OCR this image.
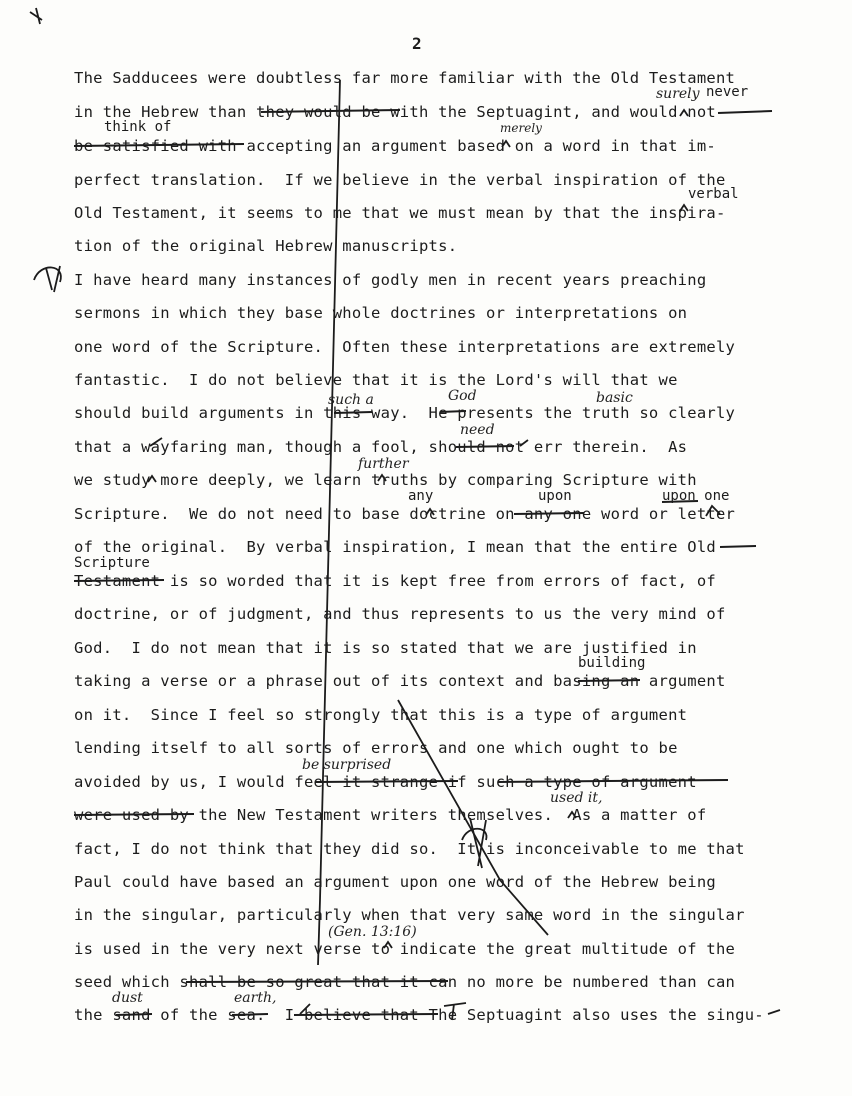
2
The Sadducees were doubtless far more familiar with the Old Testament
in the Hebrew than they would be with the Septuagint, and would not
be satisfied with accepting an argument based on a word in that im-
perfect translation.  If we believe in the verbal inspiration of the
Old Testament, it seems to me that we must mean by that the inspira-
tion of the original Hebrew manuscripts.
I have heard many instances of godly men in recent years preaching
sermons in which they base whole doctrines or interpretations on
one word of the Scripture.  Often these interpretations are extremely
fantastic.  I do not believe that it is the Lord's will that we
should build arguments in this way.  He presents the truth so clearly
that a wayfaring man, though a fool, should not err therein.  As
we study more deeply, we learn truths by comparing Scripture with
Scripture.  We do not need to base doctrine on any one word or letter
of the original.  By verbal inspiration, I mean that the entire Old
Testament is so worded that it is kept free from errors of fact, of
doctrine, or of judgment, and thus represents to us the very mind of
God.  I do not mean that it is so stated that we are justified in
taking a verse or a phrase out of its context and basing an argument
on it.  Since I feel so strongly that this is a type of argument
lending itself to all sorts of errors and one which ought to be
avoided by us, I would feel it strange if such a type of argument
were used by the New Testament writers themselves.  As a matter of
fact, I do not think that they did so.  It is inconceivable to me that
Paul could have based an argument upon one word of the Hebrew being
in the singular, particularly when that very same word in the singular
is used in the very next verse to indicate the great multitude of the
seed which shall be so great that it can no more be numbered than can
the sand of the sea.  I believe that The Septuagint also uses the singu-
never
think of
verbal
any	upon	upon one
Scripture
building
surely
merely
such a	God	basic
need
further
be surprised
used it,
(Gen. 13:16)
dust	earth,
